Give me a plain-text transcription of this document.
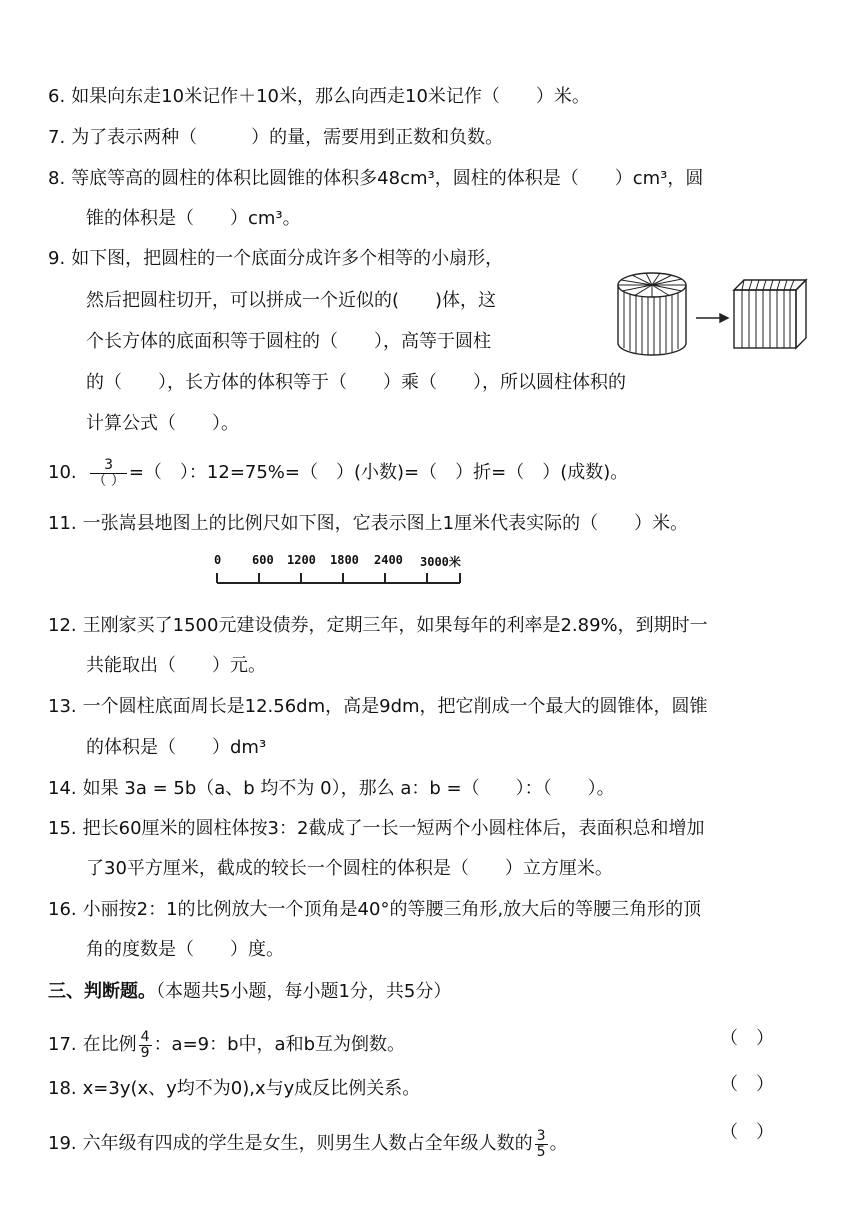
6. 如果向东走10米记作＋10米，那么向西走10米记作（　　）米。
7. 为了表示两种（　　　）的量，需要用到正数和负数。
8. 等底等高的圆柱的体积比圆锥的体积多48cm³，圆柱的体积是（　　）cm³，圆
锥的体积是（　　）cm³。
9. 如下图，把圆柱的一个底面分成许多个相等的小扇形，
然后把圆柱切开，可以拼成一个近似的(　　)体，这
个长方体的底面积等于圆柱的（　　），高等于圆柱
的（　　），长方体的体积等于（　　）乘（　　），所以圆柱体积的
计算公式（　　）。
10. $\frac{3}{( )}$ =（　）：12=75%=（　）(小数)=（　）折=（　）(成数)。
11. 一张嵩县地图上的比例尺如下图，它表示图上1厘米代表实际的（　　）米。
0	600 1200 1800 2400 3000米
12. 王刚家买了1500元建设债券，定期三年，如果每年的利率是2.89%，到期时一
共能取出（　　）元。
13. 一个圆柱底面周长是12.56dm，高是9dm，把它削成一个最大的圆锥体，圆锥
的体积是（　　）dm³
14. 如果 3a = 5b（a、b 均不为 0），那么 a：b =（　　）：（　　）。
15. 把长60厘米的圆柱体按3：2截成了一长一短两个小圆柱体后，表面积总和增加
了30平方厘米，截成的较长一个圆柱的体积是（　　）立方厘米。
16. 小丽按2：1的比例放大一个顶角是40°的等腰三角形,放大后的等腰三角形的顶
角的度数是（　　）度。
三、判断题。（本题共5小题，每小题1分，共5分）
17. 在比例 $\frac{4}{9}$ ：a=9：b中，a和b互为倒数。	（　）
18. x=3y(x、y均不为0),x与y成反比例关系。	（　）
19. 六年级有四成的学生是女生，则男生人数占全年级人数的 $\frac{3}{5}$ 。
（　）
